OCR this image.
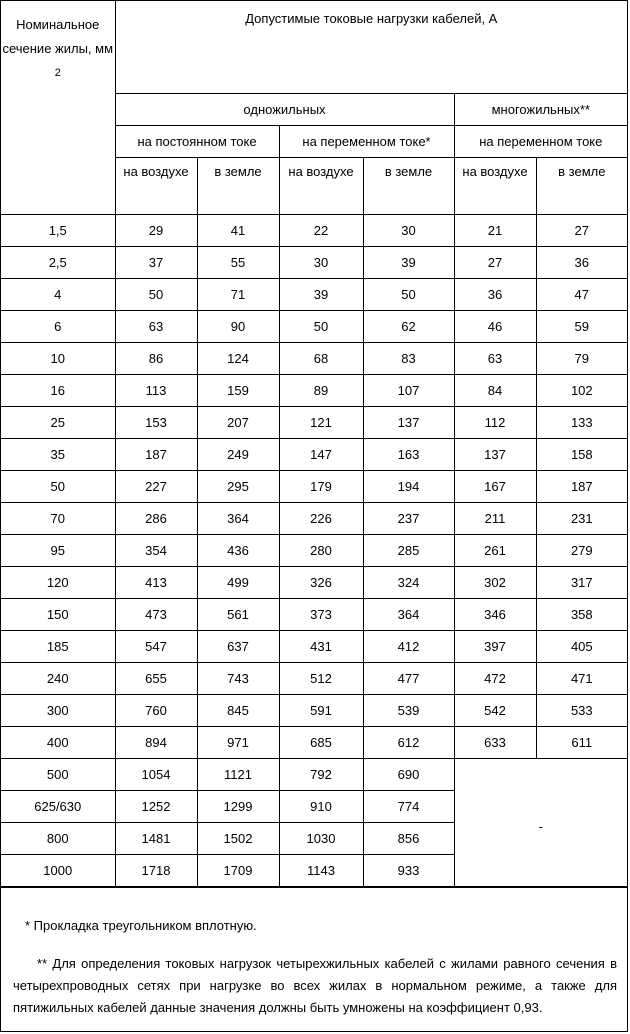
Номинальное сечение жилы, мм $^2$	Допустимые токовые нагрузки кабелей, А					
	одножильных				многожильных**	
	на постоянном токе		на переменном токе*		на переменном токе	
	на воздухе	в земле	на воздухе	в земле	на воздухе	в земле
1,5	29	41	22	30	21	27
2,5	37	55	30	39	27	36
4	50	71	39	50	36	47
6	63	90	50	62	46	59
10	86	124	68	83	63	79
16	113	159	89	107	84	102
25	153	207	121	137	112	133
35	187	249	147	163	137	158
50	227	295	179	194	167	187
70	286	364	226	237	211	231
95	354	436	280	285	261	279
120	413	499	326	324	302	317
150	473	561	373	364	346	358
185	547	637	431	412	397	405
240	655	743	512	477	472	471
300	760	845	591	539	542	533
400	894	971	685	612	633	611
500	1054	1121	792	690	-	
625/630	1252	1299	910	774		
800	1481	1502	1030	856		
1000	1718	1709	1143	933		
* Прокладка треугольником вплотную.
** Для определения токовых нагрузок четырехжильных кабелей с жилами равного сечения в четырехпроводных сетях при нагрузке во всех жилах в нормальном режиме, а также для пятижильных кабелей данные значения должны быть умножены на коэффициент 0,93.
